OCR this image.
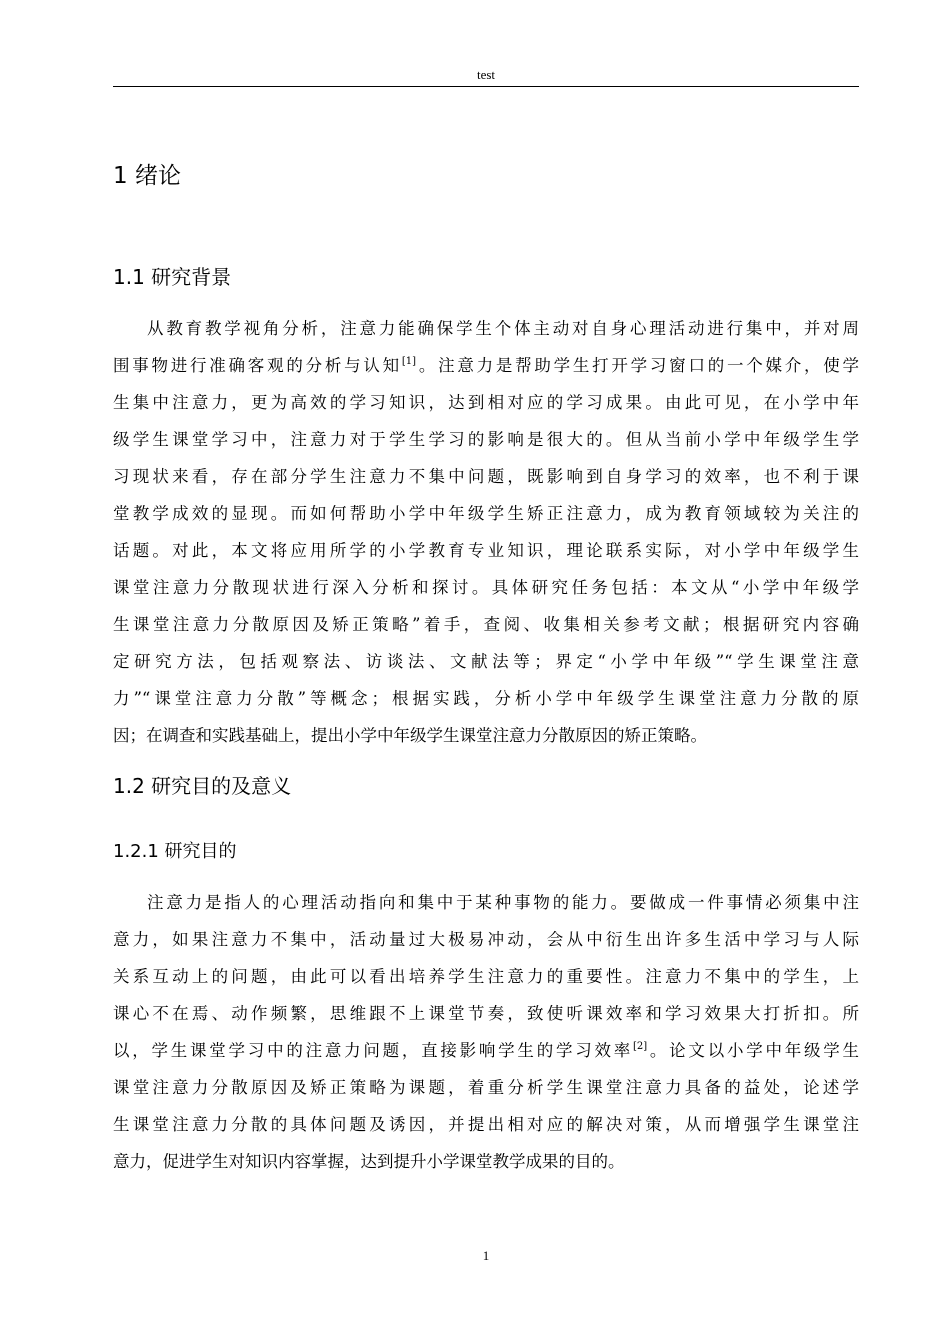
test
1 绪论
1.1 研究背景
从教育教学视角分析，注意力能确保学生个体主动对自身心理活动进行集中，并对周
围事物进行准确客观的分析与认知[1]。注意力是帮助学生打开学习窗口的一个媒介，使学
生集中注意力，更为高效的学习知识，达到相对应的学习成果。由此可见，在小学中年
级学生课堂学习中，注意力对于学生学习的影响是很大的。但从当前小学中年级学生学
习现状来看，存在部分学生注意力不集中问题，既影响到自身学习的效率，也不利于课
堂教学成效的显现。而如何帮助小学中年级学生矫正注意力，成为教育领域较为关注的
话题。对此，本文将应用所学的小学教育专业知识，理论联系实际，对小学中年级学生
课堂注意力分散现状进行深入分析和探讨。具体研究任务包括：本文从“小学中年级学
生课堂注意力分散原因及矫正策略”着手，查阅、收集相关参考文献；根据研究内容确
定研究方法，包括观察法、访谈法、文献法等；界定“小学中年级”“学生课堂注意
力”“课堂注意力分散”等概念；根据实践，分析小学中年级学生课堂注意力分散的原
因；在调查和实践基础上，提出小学中年级学生课堂注意力分散原因的矫正策略。
1.2 研究目的及意义
1.2.1 研究目的
注意力是指人的心理活动指向和集中于某种事物的能力。要做成一件事情必须集中注
意力，如果注意力不集中，活动量过大极易冲动，会从中衍生出许多生活中学习与人际
关系互动上的问题，由此可以看出培养学生注意力的重要性。注意力不集中的学生，上
课心不在焉、动作频繁，思维跟不上课堂节奏，致使听课效率和学习效果大打折扣。所
以，学生课堂学习中的注意力问题，直接影响学生的学习效率[2]。论文以小学中年级学生
课堂注意力分散原因及矫正策略为课题，着重分析学生课堂注意力具备的益处，论述学
生课堂注意力分散的具体问题及诱因，并提出相对应的解决对策，从而增强学生课堂注
意力，促进学生对知识内容掌握，达到提升小学课堂教学成果的目的。
1
